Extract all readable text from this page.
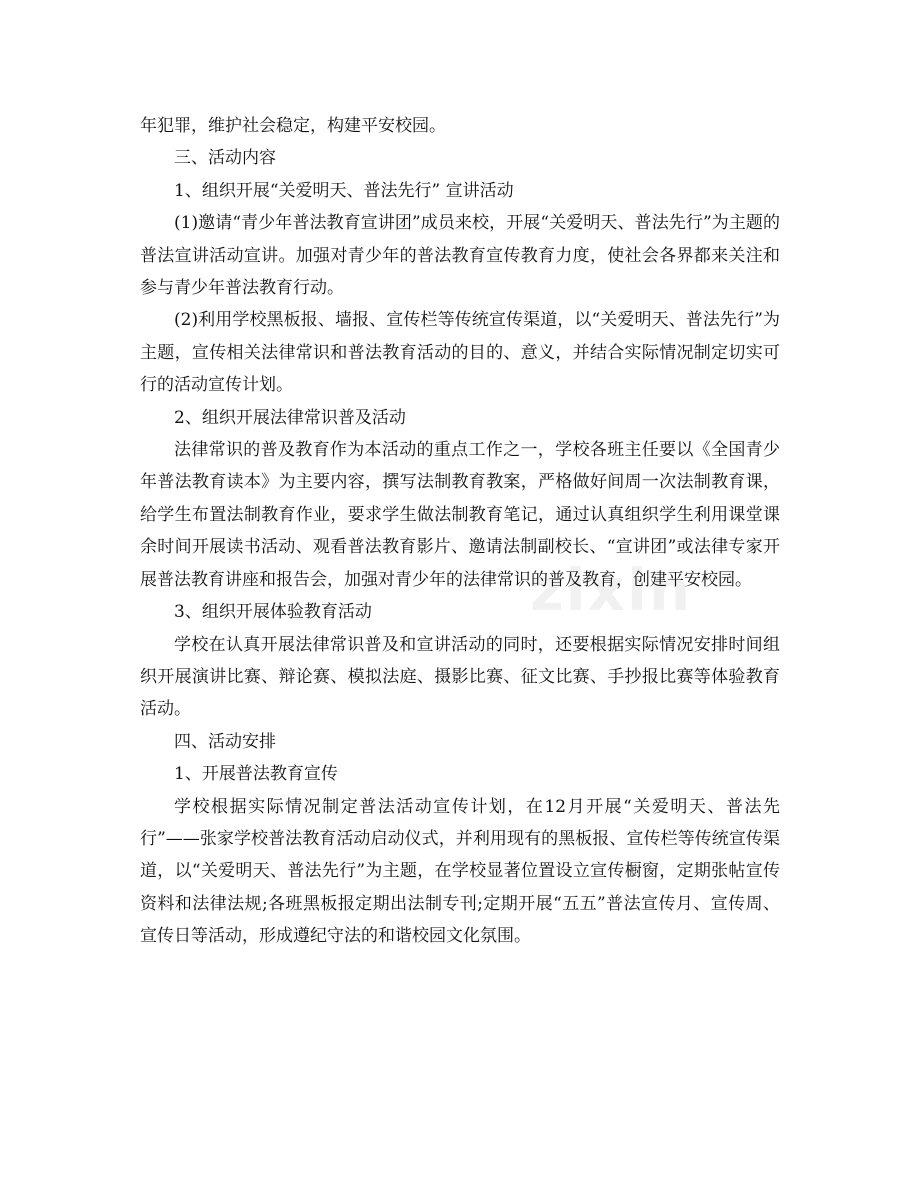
年犯罪，维护社会稳定，构建平安校园。

三、活动内容

1、组织开展“关爱明天、普法先行” 宣讲活动

(1)邀请“青少年普法教育宣讲团”成员来校，开展“关爱明天、普法先行”为主题的普法宣讲活动宣讲。加强对青少年的普法教育宣传教育力度，使社会各界都来关注和参与青少年普法教育行动。

(2)利用学校黑板报、墙报、宣传栏等传统宣传渠道，以“关爱明天、普法先行”为主题，宣传相关法律常识和普法教育活动的目的、意义，并结合实际情况制定切实可行的活动宣传计划。

2、组织开展法律常识普及活动

法律常识的普及教育作为本活动的重点工作之一，学校各班主任要以《全国青少年普法教育读本》为主要内容，撰写法制教育教案，严格做好间周一次法制教育课，给学生布置法制教育作业，要求学生做法制教育笔记，通过认真组织学生利用课堂课余时间开展读书活动、观看普法教育影片、邀请法制副校长、“宣讲团”或法律专家开展普法教育讲座和报告会，加强对青少年的法律常识的普及教育，创建平安校园。

3、组织开展体验教育活动

学校在认真开展法律常识普及和宣讲活动的同时，还要根据实际情况安排时间组织开展演讲比赛、辩论赛、模拟法庭、摄影比赛、征文比赛、手抄报比赛等体验教育活动。

四、活动安排

1、开展普法教育宣传

学校根据实际情况制定普法活动宣传计划，在12月开展“关爱明天、普法先行”——张家学校普法教育活动启动仪式，并利用现有的黑板报、宣传栏等传统宣传渠道，以“关爱明天、普法先行”为主题，在学校显著位置设立宣传橱窗，定期张帖宣传资料和法律法规;各班黑板报定期出法制专刊;定期开展“五五”普法宣传月、宣传周、宣传日等活动，形成遵纪守法的和谐校园文化氛围。

zixin
